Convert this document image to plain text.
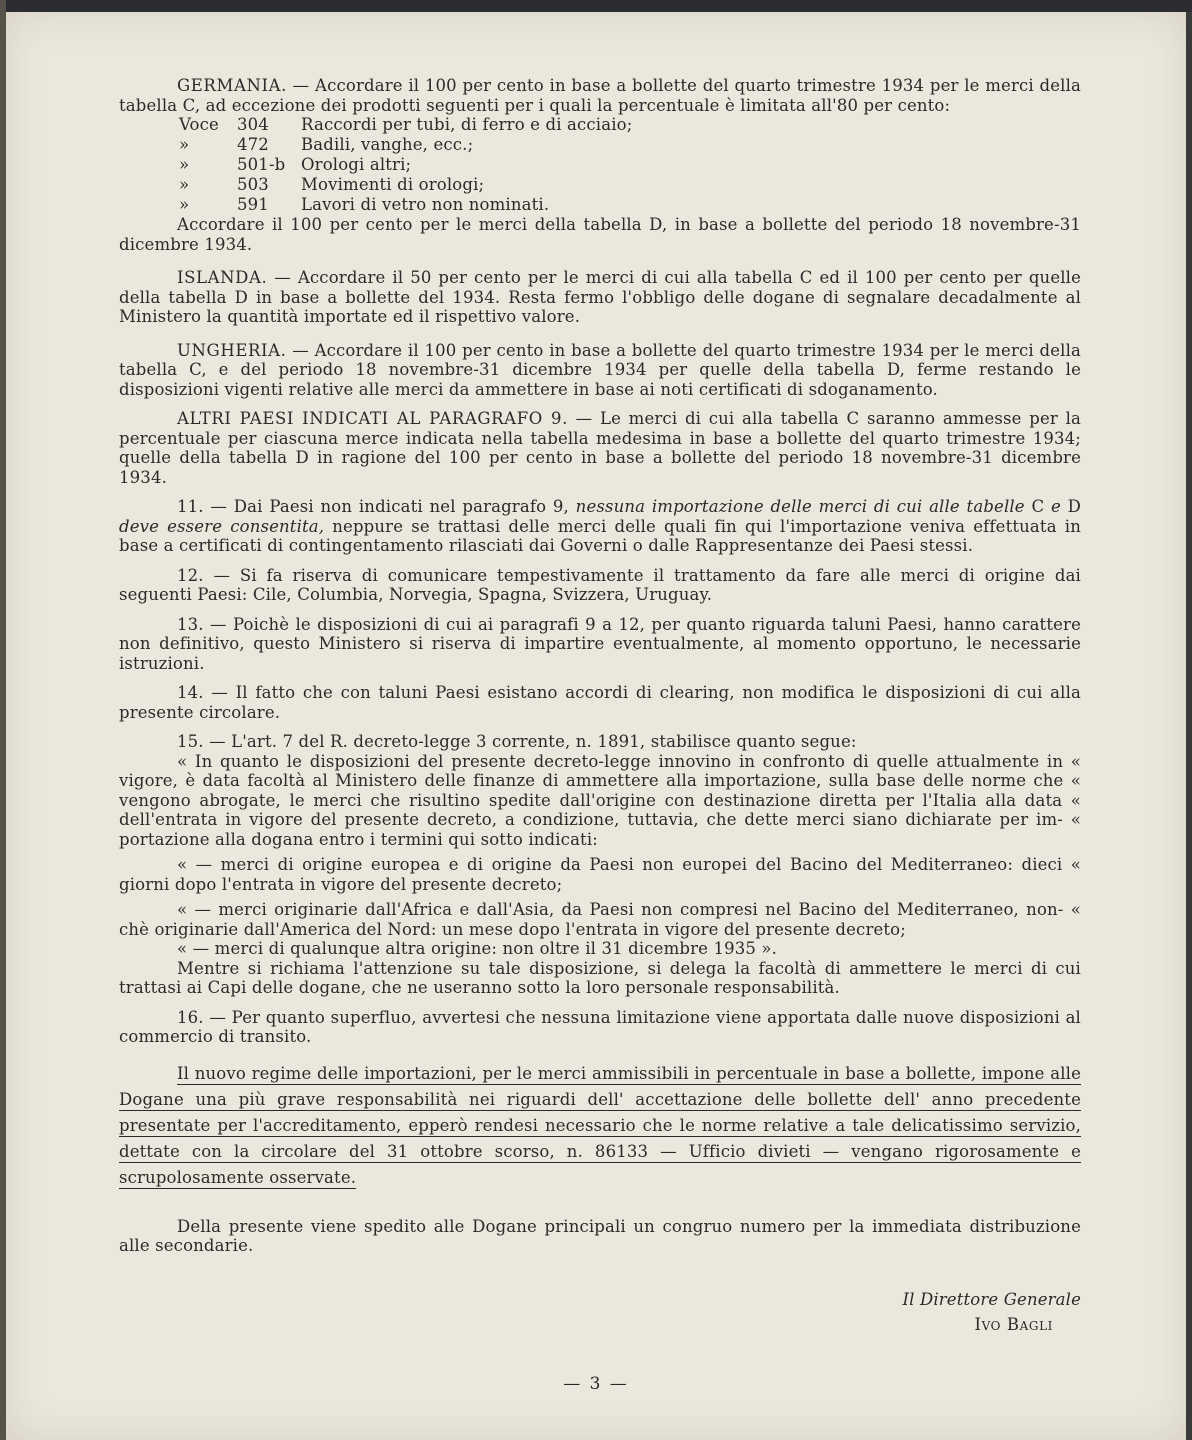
GERMANIA. — Accordare il 100 per cento in base a bollette del quarto trimestre 1934 per le merci della tabella C, ad eccezione dei prodotti seguenti per i quali la percentuale è limitata all'80 per cento:

Voce	304	Raccordi per tubi, di ferro e di acciaio;
»	472	Badili, vanghe, ecc.;
»	501-b	Orologi altri;
»	503	Movimenti di orologi;
»	591	Lavori di vetro non nominati.

Accordare il 100 per cento per le merci della tabella D, in base a bollette del periodo 18 novembre-31 dicembre 1934.

ISLANDA. — Accordare il 50 per cento per le merci di cui alla tabella C ed il 100 per cento per quelle della tabella D in base a bollette del 1934. Resta fermo l'obbligo delle dogane di segnalare decadalmente al Ministero la quantità importate ed il rispettivo valore.

UNGHERIA. — Accordare il 100 per cento in base a bollette del quarto trimestre 1934 per le merci della tabella C, e del periodo 18 novembre-31 dicembre 1934 per quelle della tabella D, ferme restando le disposizioni vigenti relative alle merci da ammettere in base ai noti certificati di sdoganamento.

ALTRI PAESI INDICATI AL PARAGRAFO 9. — Le merci di cui alla tabella C saranno ammesse per la percentuale per ciascuna merce indicata nella tabella medesima in base a bollette del quarto trimestre 1934; quelle della tabella D in ragione del 100 per cento in base a bollette del periodo 18 novembre-31 dicembre 1934.

11. — Dai Paesi non indicati nel paragrafo 9, nessuna importazione delle merci di cui alle tabelle C e D deve essere consentita, neppure se trattasi delle merci delle quali fin qui l'importazione veniva effettuata in base a certificati di contingentamento rilasciati dai Governi o dalle Rappresentanze dei Paesi stessi.

12. — Si fa riserva di comunicare tempestivamente il trattamento da fare alle merci di origine dai seguenti Paesi: Cile, Columbia, Norvegia, Spagna, Svizzera, Uruguay.

13. — Poichè le disposizioni di cui ai paragrafi 9 a 12, per quanto riguarda taluni Paesi, hanno carattere non definitivo, questo Ministero si riserva di impartire eventualmente, al momento opportuno, le necessarie istruzioni.

14. — Il fatto che con taluni Paesi esistano accordi di clearing, non modifica le disposizioni di cui alla presente circolare.

15. — L'art. 7 del R. decreto-legge 3 corrente, n. 1891, stabilisce quanto segue:

« In quanto le disposizioni del presente decreto-legge innovino in confronto di quelle attualmente in « vigore, è data facoltà al Ministero delle finanze di ammettere alla importazione, sulla base delle norme che « vengono abrogate, le merci che risultino spedite dall'origine con destinazione diretta per l'Italia alla data « dell'entrata in vigore del presente decreto, a condizione, tuttavia, che dette merci siano dichiarate per im- « portazione alla dogana entro i termini qui sotto indicati:

« — merci di origine europea e di origine da Paesi non europei del Bacino del Mediterraneo: dieci « giorni dopo l'entrata in vigore del presente decreto;

« — merci originarie dall'Africa e dall'Asia, da Paesi non compresi nel Bacino del Mediterraneo, non- « chè originarie dall'America del Nord: un mese dopo l'entrata in vigore del presente decreto;

« — merci di qualunque altra origine: non oltre il 31 dicembre 1935 ».

Mentre si richiama l'attenzione su tale disposizione, si delega la facoltà di ammettere le merci di cui trattasi ai Capi delle dogane, che ne useranno sotto la loro personale responsabilità.

16. — Per quanto superfluo, avvertesi che nessuna limitazione viene apportata dalle nuove disposizioni al commercio di transito.

Il nuovo regime delle importazioni, per le merci ammissibili in percentuale in base a bollette, impone alle Dogane una più grave responsabilità nei riguardi dell' accettazione delle bollette dell' anno precedente presentate per l'accreditamento, epperò rendesi necessario che le norme relative a tale delicatissimo servizio, dettate con la circolare del 31 ottobre scorso, n. 86133 — Ufficio divieti — vengano rigorosamente e scrupolosamente osservate.

Della presente viene spedito alle Dogane principali un congruo numero per la immediata distribuzione alle secondarie.

Il Direttore Generale
Ivo Bagli
— 3 —
